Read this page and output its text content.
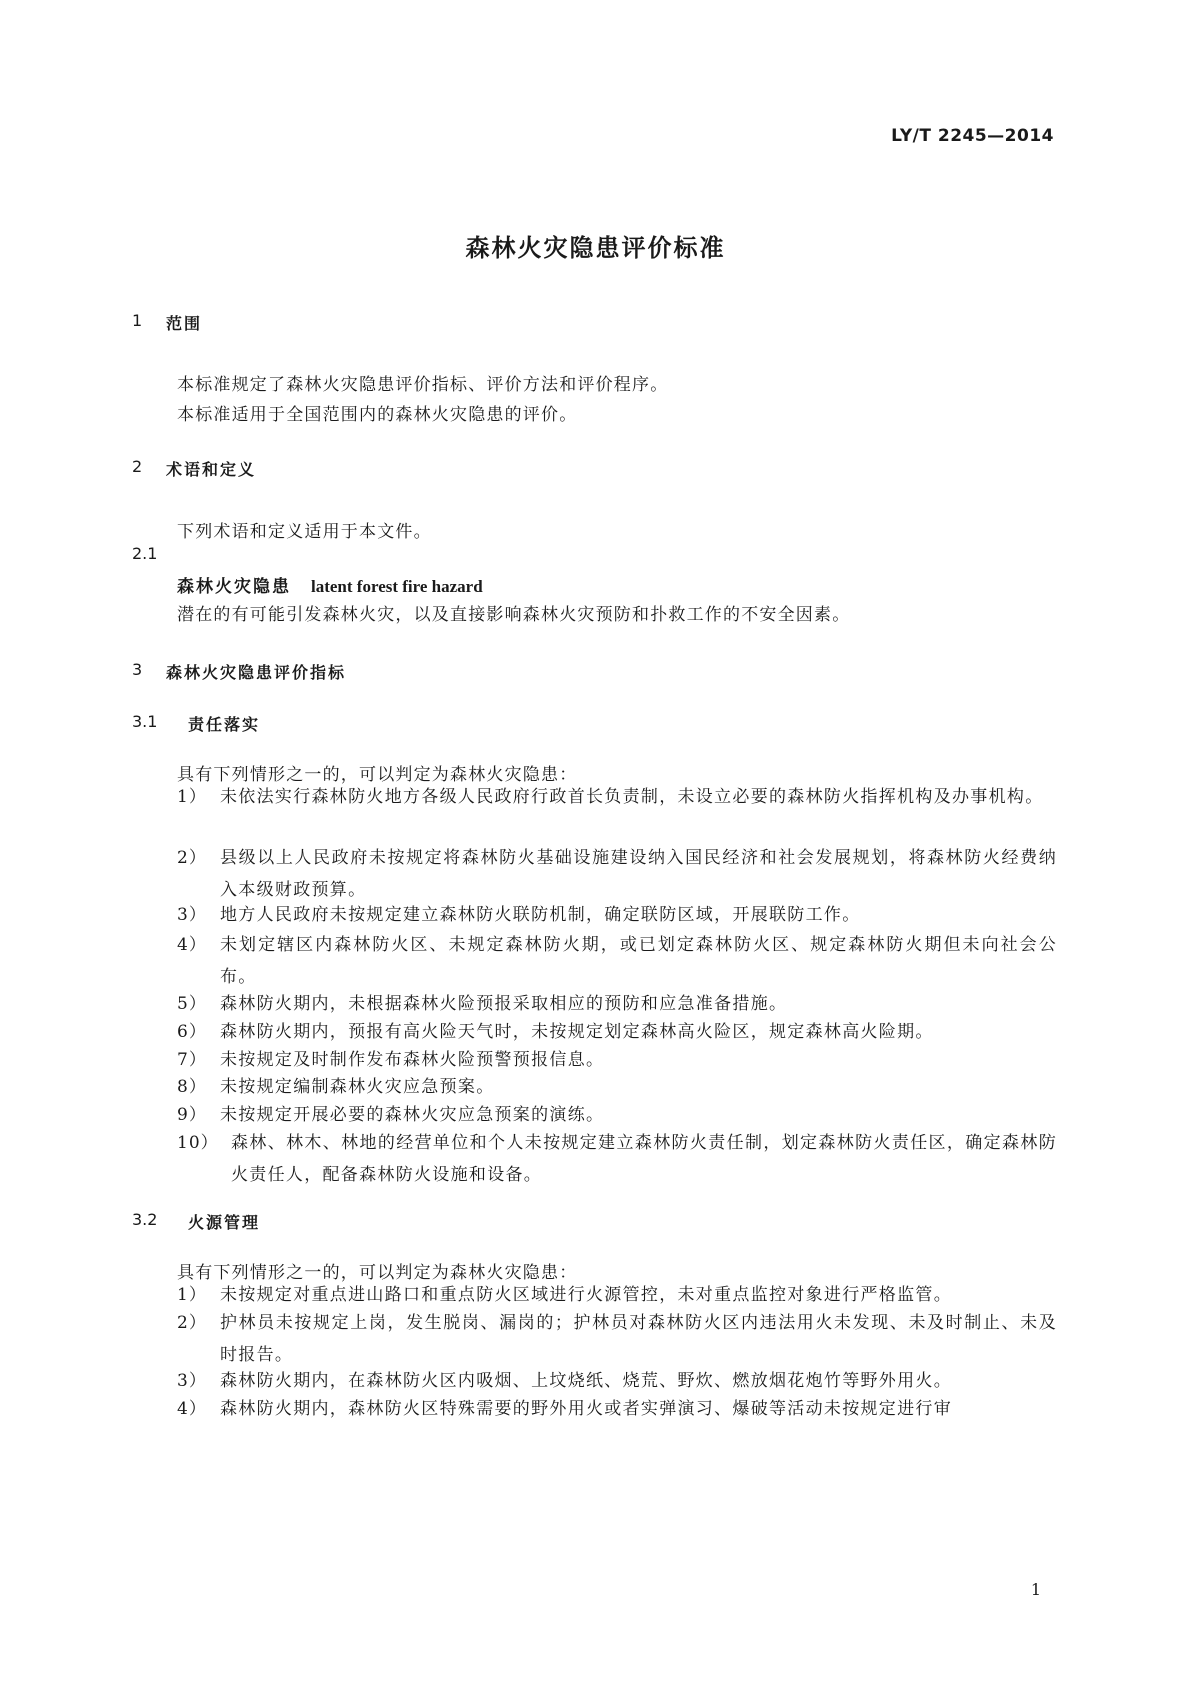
LY/T 2245—2014
森林火灾隐患评价标准
1	范围
本标准规定了森林火灾隐患评价指标、评价方法和评价程序。
本标准适用于全国范围内的森林火灾隐患的评价。
2	术语和定义
下列术语和定义适用于本文件。
2.1
森林火灾隐患 latent forest fire hazard
潜在的有可能引发森林火灾，以及直接影响森林火灾预防和扑救工作的不安全因素。
3	森林火灾隐患评价指标
3.1	责任落实
具有下列情形之一的，可以判定为森林火灾隐患：
1） 未依法实行森林防火地方各级人民政府行政首长负责制，未设立必要的森林防火指挥机构及办事机构。
2） 县级以上人民政府未按规定将森林防火基础设施建设纳入国民经济和社会发展规划，将森林防火经费纳入本级财政预算。
3） 地方人民政府未按规定建立森林防火联防机制，确定联防区域，开展联防工作。
4） 未划定辖区内森林防火区、未规定森林防火期，或已划定森林防火区、规定森林防火期但未向社会公布。
5） 森林防火期内，未根据森林火险预报采取相应的预防和应急准备措施。
6） 森林防火期内，预报有高火险天气时，未按规定划定森林高火险区，规定森林高火险期。
7） 未按规定及时制作发布森林火险预警预报信息。
8） 未按规定编制森林火灾应急预案。
9） 未按规定开展必要的森林火灾应急预案的演练。
10） 森林、林木、林地的经营单位和个人未按规定建立森林防火责任制，划定森林防火责任区，确定森林防火责任人，配备森林防火设施和设备。
3.2	火源管理
具有下列情形之一的，可以判定为森林火灾隐患：
1） 未按规定对重点进山路口和重点防火区域进行火源管控，未对重点监控对象进行严格监管。
2） 护林员未按规定上岗，发生脱岗、漏岗的；护林员对森林防火区内违法用火未发现、未及时制止、未及时报告。
3） 森林防火期内，在森林防火区内吸烟、上坟烧纸、烧荒、野炊、燃放烟花炮竹等野外用火。
4） 森林防火期内，森林防火区特殊需要的野外用火或者实弹演习、爆破等活动未按规定进行审
1
